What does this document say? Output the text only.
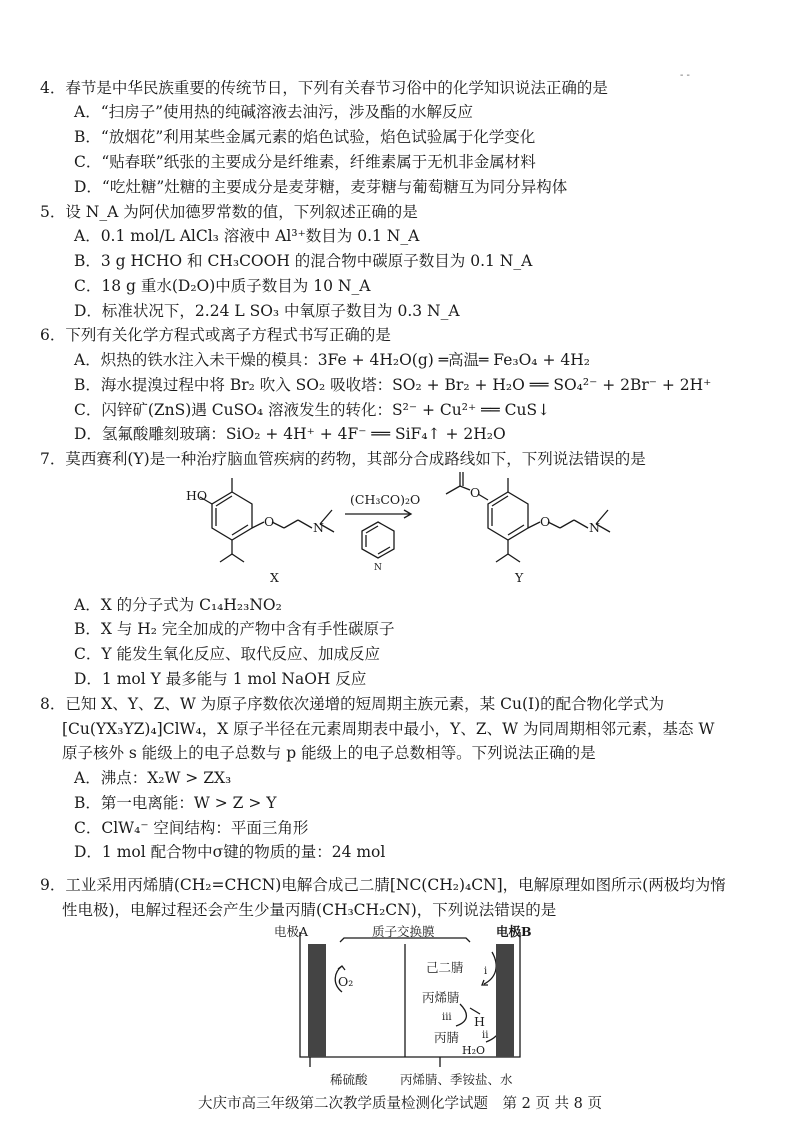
- -
4．春节是中华民族重要的传统节日，下列有关春节习俗中的化学知识说法正确的是
A．“扫房子”使用热的纯碱溶液去油污，涉及酯的水解反应
B．“放烟花”利用某些金属元素的焰色试验，焰色试验属于化学变化
C．“贴春联”纸张的主要成分是纤维素，纤维素属于无机非金属材料
D．“吃灶糖”灶糖的主要成分是麦芽糖，麦芽糖与葡萄糖互为同分异构体
5．设 N_A 为阿伏加德罗常数的值，下列叙述正确的是
A．0.1 mol/L AlCl₃ 溶液中 Al³⁺数目为 0.1 N_A
B．3 g HCHO 和 CH₃COOH 的混合物中碳原子数目为 0.1 N_A
C．18 g 重水(D₂O)中质子数目为 10 N_A
D．标准状况下，2.24 L SO₃ 中氧原子数目为 0.3 N_A
6．下列有关化学方程式或离子方程式书写正确的是
A．炽热的铁水注入未干燥的模具：3Fe + 4H₂O(g) ═高温═ Fe₃O₄ + 4H₂
B．海水提溴过程中将 Br₂ 吹入 SO₂ 吸收塔：SO₂ + Br₂ + H₂O ══ SO₄²⁻ + 2Br⁻ + 2H⁺
C．闪锌矿(ZnS)遇 CuSO₄ 溶液发生的转化：S²⁻ + Cu²⁺ ══ CuS↓
D．氢氟酸雕刻玻璃：SiO₂ + 4H⁺ + 4F⁻ ══ SiF₄↑ + 2H₂O
7．莫西赛利(Y)是一种治疗脑血管疾病的药物，其部分合成路线如下，下列说法错误的是
HO
O	N
(CH₃CO)₂O
N
O
O	N
X	Y
A．X 的分子式为 C₁₄H₂₃NO₂
B．X 与 H₂ 完全加成的产物中含有手性碳原子
C．Y 能发生氧化反应、取代反应、加成反应
D．1 mol Y 最多能与 1 mol NaOH 反应
8．已知 X、Y、Z、W 为原子序数依次递增的短周期主族元素，某 Cu(I)的配合物化学式为
[Cu(YX₃YZ)₄]ClW₄，X 原子半径在元素周期表中最小，Y、Z、W 为同周期相邻元素，基态 W
原子核外 s 能级上的电子总数与 p 能级上的电子总数相等。下列说法正确的是
A．沸点：X₂W > ZX₃
B．第一电离能：W > Z > Y
C．ClW₄⁻ 空间结构：平面三角形
D．1 mol 配合物中σ键的物质的量：24 mol
9．工业采用丙烯腈(CH₂=CHCN)电解合成己二腈[NC(CH₂)₄CN]，电解原理如图所示(两极均为惰
性电极)，电解过程还会产生少量丙腈(CH₃CH₂CN)，下列说法错误的是
电极A	质子交换膜	电极B
O₂
己二腈 i
丙烯腈
iii H
ii
丙腈
H₂O
稀硫酸	丙烯腈、季铵盐、水
大庆市高三年级第二次教学质量检测化学试题　第 2 页 共 8 页
